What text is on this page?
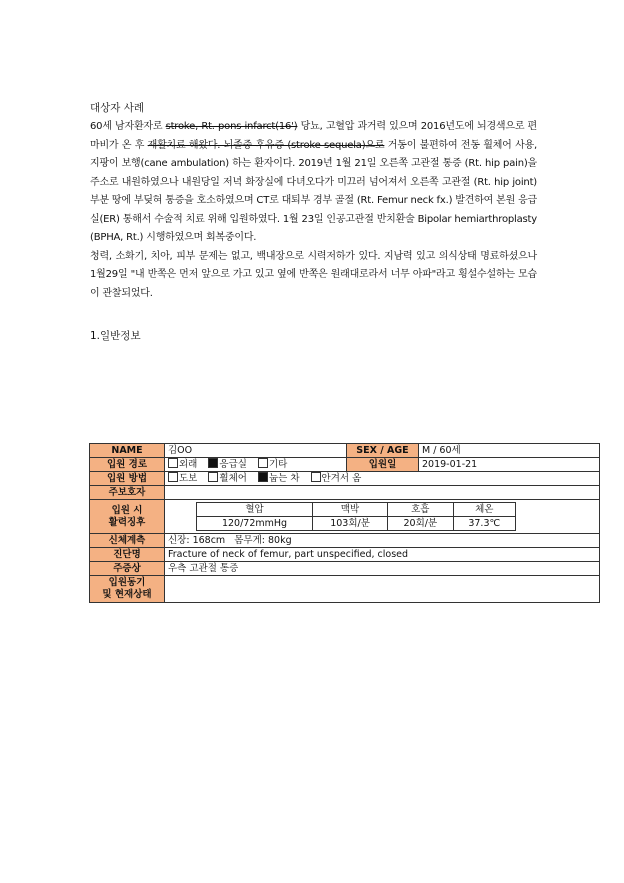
대상자 사례

60세 남자환자로 stroke, Rt. pons infarct(16') 당뇨, 고혈압 과거력 있으며 2016년도에 뇌경색으로 편마비가 온 후 재활치료 해왔다. 뇌졸중 후유증 (stroke sequela)으로 거동이 불편하여 전동 휠체어 사용, 지팡이 보행(cane ambulation) 하는 환자이다. 2019년 1월 21일 오른쪽 고관절 통증 (Rt. hip pain)을 주소로 내원하였으나 내원당일 저녁 화장실에 다녀오다가 미끄러 넘어져서 오른쪽 고관절 (Rt. hip joint) 부분 땅에 부딪혀 통증을 호소하였으며 CT로 대퇴부 경부 골절 (Rt. Femur neck fx.) 발견하여 본원 응급실(ER) 통해서 수술적 치료 위해 입원하였다. 1월 23일 인공고관절 반치환술 Bipolar hemiarthroplasty (BPHA, Rt.) 시행하였으며 회복중이다.

청력, 소화기, 치아, 피부 문제는 없고, 백내장으로 시력저하가 있다. 지남력 있고 의식상태 명료하셨으나 1월29일 "내 반쪽은 먼저 앞으로 가고 있고 옆에 반쪽은 원래대로라서 너무 아파"라고 횡설수설하는 모습이 관찰되었다.

1.일반정보
NAME	김OO	SEX / AGE	M / 60세
입원 경로	외래 응급실 기타	입원일	2019-01-21
입원 방법	도보 휠체어 눕는 차 안겨서 옴
주보호자	

입원 시
활력징후

혈압	맥박	호흡	체온
120/72mmHg	103회/분	20회/분	37.3℃

신체계측	신장: 168cm   몸무게: 80kg
진단명	Fracture of neck of femur, part unspecified, closed
주증상	우측 고관절 통증

입원동기
및 현재상태
